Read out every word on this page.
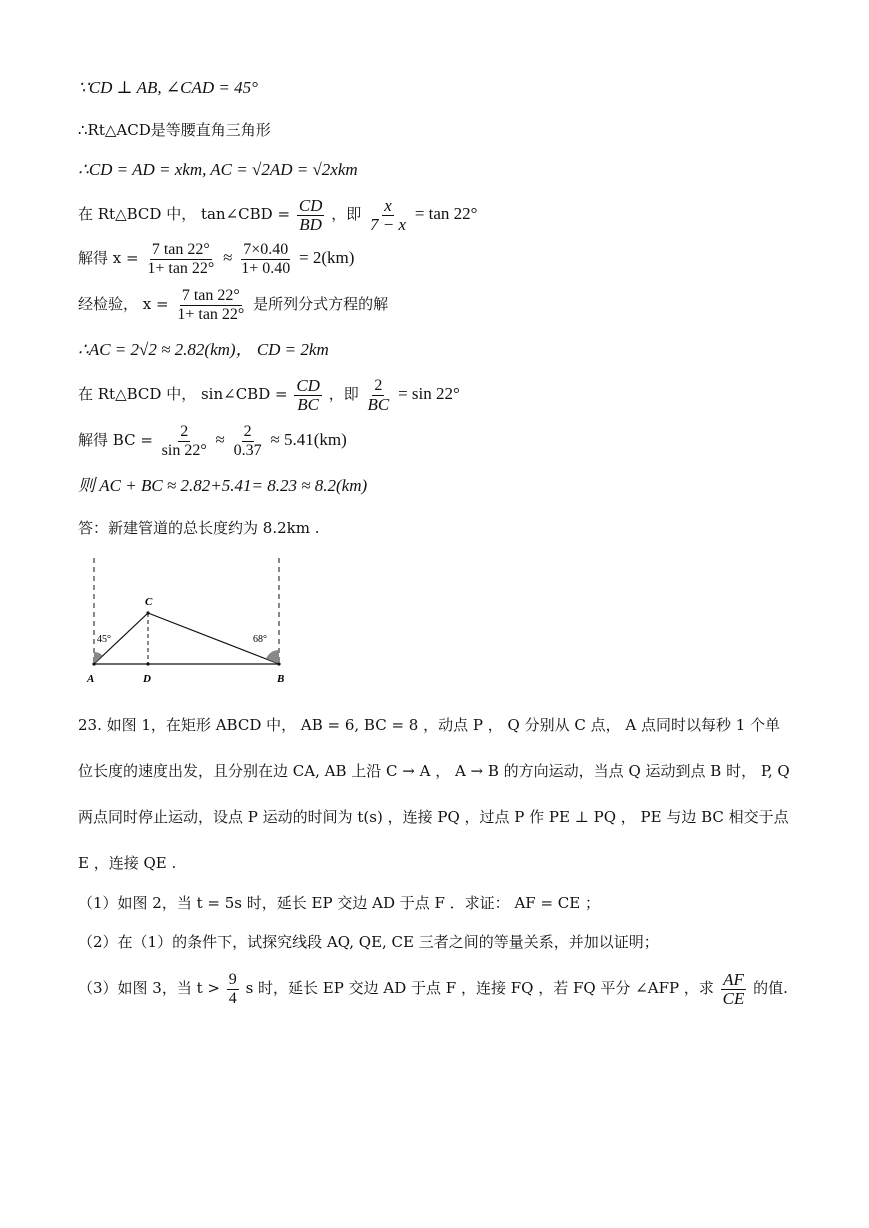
∵CD ⊥ AB, ∠CAD = 45°
∴Rt△ACD是等腰直角三角形
∴CD = AD = xkm, AC = √2AD = √2xkm
在 Rt△BCD 中， tan∠CBD = $\frac{CD}{BD}$ ，即 $\frac{x}{7 - x} = \tan 22^\circ$
解得 $x = \frac{7 \tan 22^\circ}{1+ \tan 22^\circ} \approx \frac{7\times 0.40}{1+ 0.40} = 2(km)$
经检验， $x = \frac{7 \tan 22^\circ}{1+ \tan 22^\circ}$ 是所列分式方程的解
∴AC = 2√2 ≈ 2.82(km)， CD = 2km
在 Rt△BCD 中， sin∠CBD = $\frac{CD}{BC}$ ，即 $\frac{2}{BC} = \sin 22^\circ$
解得 BC = $\frac{2}{\sin 22^\circ} \approx \frac{2}{0.37} \approx 5.41(km)$
则 AC + BC ≈ 2.82+5.41= 8.23 ≈ 8.2(km)
答：新建管道的总长度约为 8.2km .
A	D	B
C
45°	68°
23. 如图 1，在矩形 ABCD 中， AB = 6, BC = 8 ，动点 P ， Q 分别从 C 点， A 点同时以每秒 1 个单位长度的速度出发，且分别在边 CA, AB 上沿 C → A ， A → B 的方向运动，当点 Q 运动到点 B 时， P, Q 两点同时停止运动，设点 P 运动的时间为 t(s) ，连接 PQ ，过点 P 作 PE ⊥ PQ ， PE 与边 BC 相交于点 E ，连接 QE .
（1）如图 2，当 t = 5s 时，延长 EP 交边 AD 于点 F ．求证： AF = CE ；
（2）在（1）的条件下，试探究线段 AQ, QE, CE 三者之间的等量关系，并加以证明；
（3）如图 3，当 $t > \frac{9}{4}$ s 时，延长 EP 交边 AD 于点 F ，连接 FQ ，若 FQ 平分 ∠AFP ，求 $\frac{AF}{CE}$ 的值.
